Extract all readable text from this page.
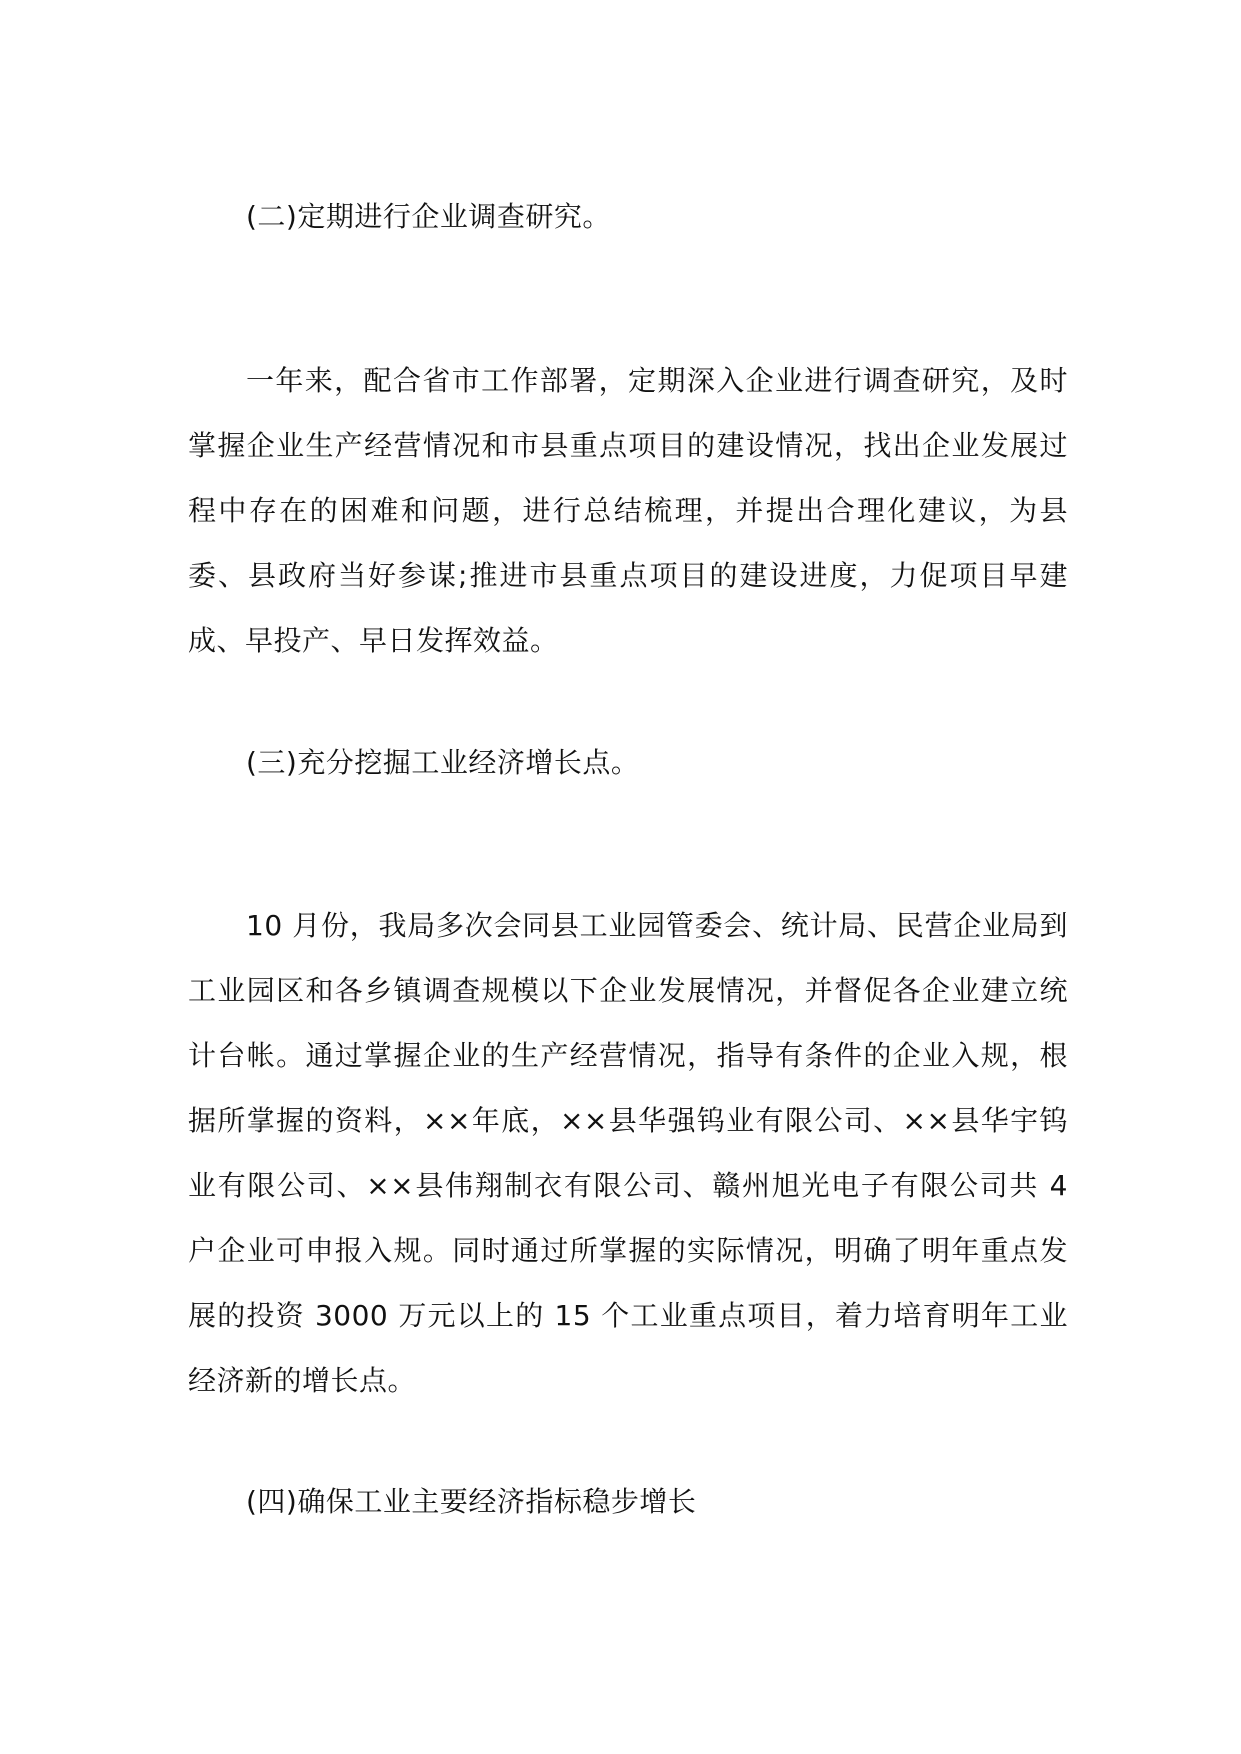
(二)定期进行企业调查研究。
一年来，配合省市工作部署，定期深入企业进行调查研究，及时掌握企业生产经营情况和市县重点项目的建设情况，找出企业发展过程中存在的困难和问题，进行总结梳理，并提出合理化建议，为县委、县政府当好参谋;推进市县重点项目的建设进度，力促项目早建成、早投产、早日发挥效益。
(三)充分挖掘工业经济增长点。
10 月份，我局多次会同县工业园管委会、统计局、民营企业局到工业园区和各乡镇调查规模以下企业发展情况，并督促各企业建立统计台帐。通过掌握企业的生产经营情况，指导有条件的企业入规，根据所掌握的资料，××年底，××县华强钨业有限公司、××县华宇钨业有限公司、××县伟翔制衣有限公司、赣州旭光电子有限公司共 4 户企业可申报入规。同时通过所掌握的实际情况，明确了明年重点发展的投资 3000 万元以上的 15 个工业重点项目，着力培育明年工业经济新的增长点。
(四)确保工业主要经济指标稳步增长
